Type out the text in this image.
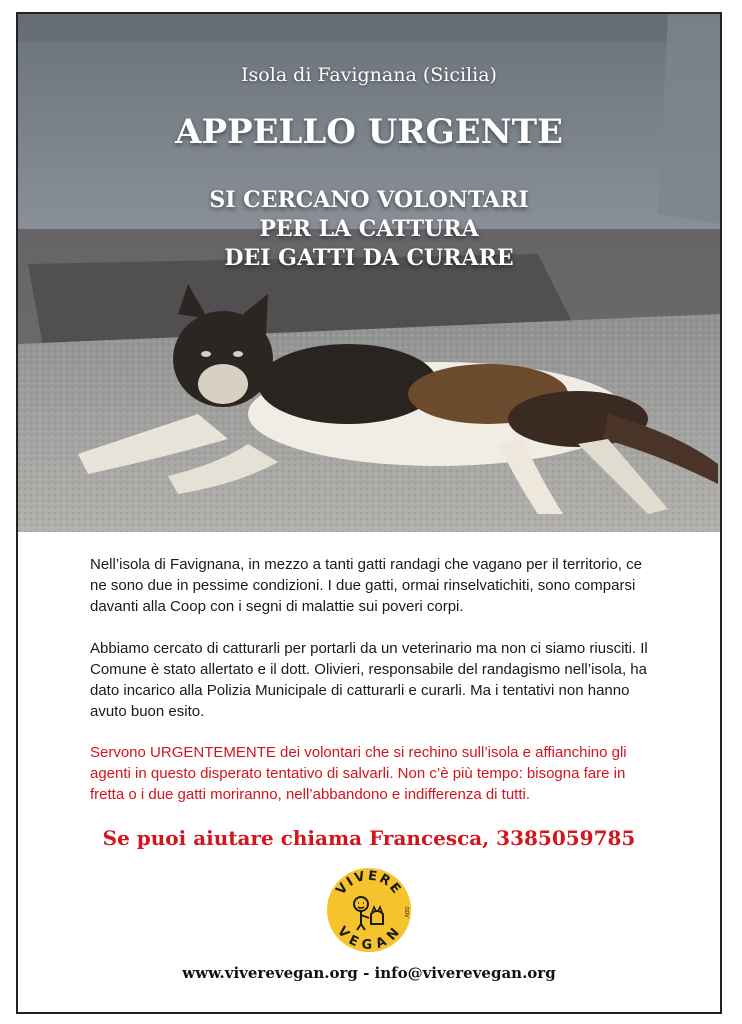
Isola di Favignana (Sicilia)
APPELLO URGENTE
SI CERCANO VOLONTARI
PER LA CATTURA
DEI GATTI DA CURARE
Nell’isola di Favignana, in mezzo a tanti gatti randagi che vagano per il territorio, ce ne sono due in pessime condizioni. I due gatti, ormai rinselvatichiti, sono comparsi davanti alla Coop con i segni di malattie sui poveri corpi.
Abbiamo cercato di catturarli per portarli da un veterinario ma non ci siamo riusciti. Il Comune è stato allertato e il dott. Olivieri, responsabile del randagismo nell’isola, ha dato incarico alla Polizia Municipale di catturarli e curarli. Ma i tentativi non hanno avuto buon esito.
Servono URGENTEMENTE dei volontari che si rechino sull’isola e affianchino gli agenti in questo disperato tentativo di salvarli. Non c’è più tempo: bisogna fare in fretta o i due gatti moriranno, nell’abbandono e indifferenza di tutti.
Se puoi aiutare chiama Francesca, 3385059785
VIVERE
VEGAN
ODV
www.viverevegan.org - info@viverevegan.org
